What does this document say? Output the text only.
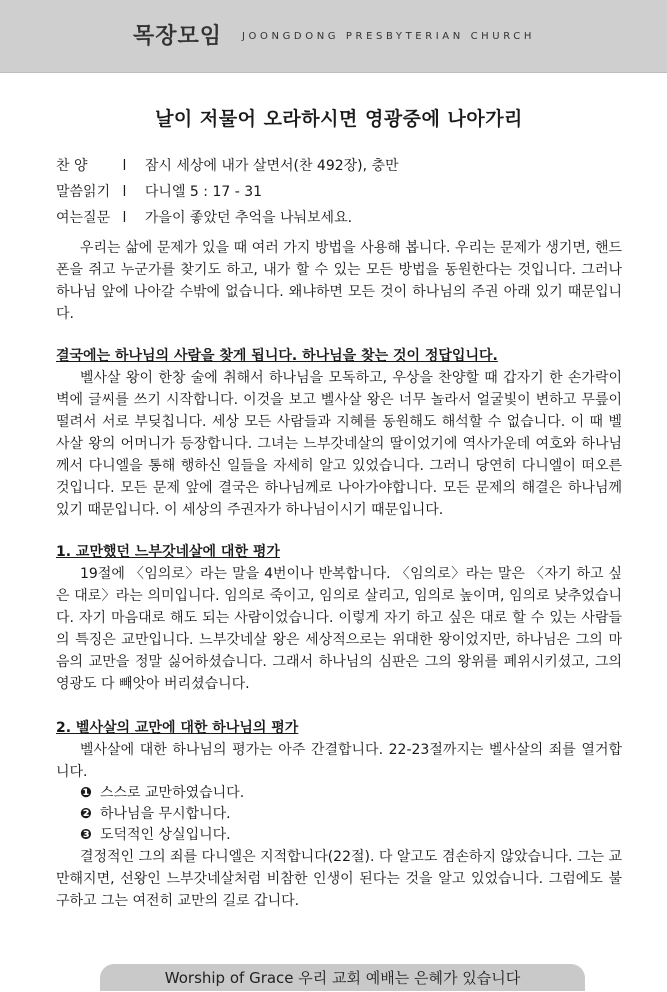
목장모임 JOONGDONG PRESBYTERIAN CHURCH
날이 저물어 오라하시면 영광중에 나아가리
찬 양 l 잠시 세상에 내가 살면서(찬 492장), 충만
말씀읽기 l 다니엘 5 : 17 - 31
여는질문 l 가을이 좋았던 추억을 나눠보세요.

우리는 삶에 문제가 있을 때 여러 가지 방법을 사용해 봅니다. 우리는 문제가 생기면, 핸드폰을 쥐고 누군가를 찾기도 하고, 내가 할 수 있는 모든 방법을 동원한다는 것입니다. 그러나 하나님 앞에 나아갈 수밖에 없습니다. 왜냐하면 모든 것이 하나님의 주권 아래 있기 때문입니다.

결국에는 하나님의 사람을 찾게 됩니다. 하나님을 찾는 것이 정답입니다.

벨사살 왕이 한창 술에 취해서 하나님을 모독하고, 우상을 찬양할 때 갑자기 한 손가락이 벽에 글씨를 쓰기 시작합니다. 이것을 보고 벨사살 왕은 너무 놀라서 얼굴빛이 변하고 무릎이 떨려서 서로 부딪칩니다. 세상 모든 사람들과 지혜를 동원해도 해석할 수 없습니다. 이 때 벨사살 왕의 어머니가 등장합니다. 그녀는 느부갓네살의 딸이었기에 역사가운데 여호와 하나님께서 다니엘을 통해 행하신 일들을 자세히 알고 있었습니다. 그러니 당연히 다니엘이 떠오른 것입니다. 모든 문제 앞에 결국은 하나님께로 나아가야합니다. 모든 문제의 해결은 하나님께 있기 때문입니다. 이 세상의 주권자가 하나님이시기 때문입니다.

1. 교만했던 느부갓네살에 대한 평가

19절에 〈임의로〉라는 말을 4번이나 반복합니다. 〈임의로〉라는 말은 〈자기 하고 싶은 대로〉라는 의미입니다. 임의로 죽이고, 임의로 살리고, 임의로 높이며, 임의로 낮추었습니다. 자기 마음대로 해도 되는 사람이었습니다. 이렇게 자기 하고 싶은 대로 할 수 있는 사람들의 특징은 교만입니다. 느부갓네살 왕은 세상적으로는 위대한 왕이었지만, 하나님은 그의 마음의 교만을 정말 싫어하셨습니다. 그래서 하나님의 심판은 그의 왕위를 폐위시키셨고, 그의 영광도 다 빼앗아 버리셨습니다.

2. 벨사살의 교만에 대한 하나님의 평가

벨사살에 대한 하나님의 평가는 아주 간결합니다. 22-23절까지는 벨사살의 죄를 열거합니다.

❶ 스스로 교만하였습니다.
❷ 하나님을 무시합니다.
❸ 도덕적인 상실입니다.

결정적인 그의 죄를 다니엘은 지적합니다(22절). 다 알고도 겸손하지 않았습니다. 그는 교만해지면, 선왕인 느부갓네살처럼 비참한 인생이 된다는 것을 알고 있었습니다. 그럼에도 불구하고 그는 여전히 교만의 길로 갑니다.

Worship of Grace 우리 교회 예배는 은혜가 있습니다
